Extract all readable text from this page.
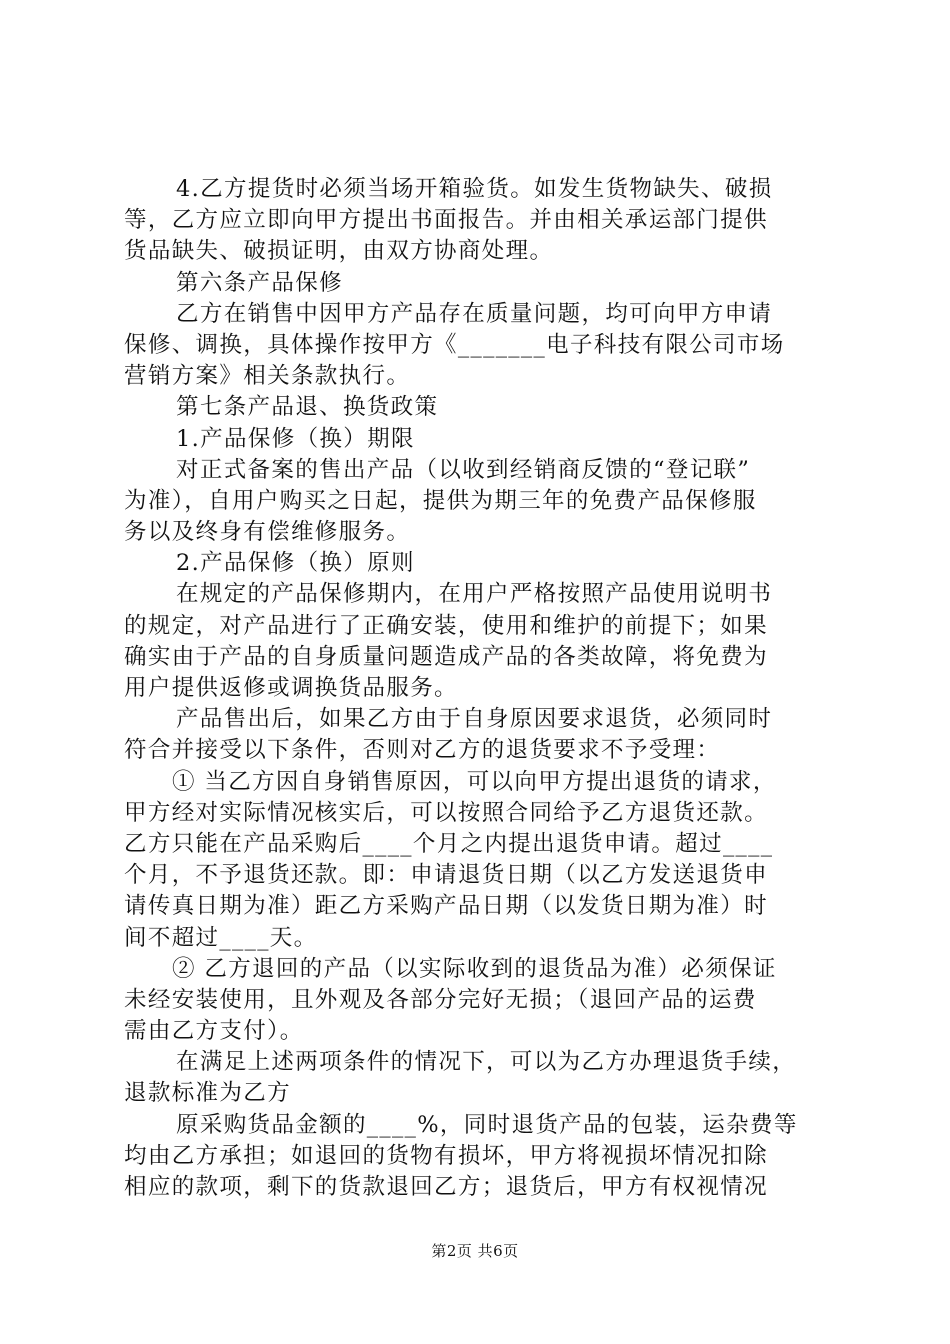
4.乙方提货时必须当场开箱验货。如发生货物缺失、破损
等，乙方应立即向甲方提出书面报告。并由相关承运部门提供
货品缺失、破损证明，由双方协商处理。
第六条产品保修
乙方在销售中因甲方产品存在质量问题，均可向甲方申请
保修、调换，具体操作按甲方《_______电子科技有限公司市场
营销方案》相关条款执行。
第七条产品退、换货政策
1.产品保修（换）期限
对正式备案的售出产品（以收到经销商反馈的“登记联”
为准），自用户购买之日起，提供为期三年的免费产品保修服
务以及终身有偿维修服务。
2.产品保修（换）原则
在规定的产品保修期内，在用户严格按照产品使用说明书
的规定，对产品进行了正确安装，使用和维护的前提下；如果
确实由于产品的自身质量问题造成产品的各类故障，将免费为
用户提供返修或调换货品服务。
产品售出后，如果乙方由于自身原因要求退货，必须同时
符合并接受以下条件，否则对乙方的退货要求不予受理：
① 当乙方因自身销售原因，可以向甲方提出退货的请求，
甲方经对实际情况核实后，可以按照合同给予乙方退货还款。
乙方只能在产品采购后____个月之内提出退货申请。超过____
个月，不予退货还款。即：申请退货日期（以乙方发送退货申
请传真日期为准）距乙方采购产品日期（以发货日期为准）时
间不超过____天。
② 乙方退回的产品（以实际收到的退货品为准）必须保证
未经安装使用，且外观及各部分完好无损；（退回产品的运费
需由乙方支付）。
在满足上述两项条件的情况下，可以为乙方办理退货手续，
退款标准为乙方
原采购货品金额的____%，同时退货产品的包装，运杂费等
均由乙方承担；如退回的货物有损坏，甲方将视损坏情况扣除
相应的款项，剩下的货款退回乙方；退货后，甲方有权视情况
第2页 共6页
